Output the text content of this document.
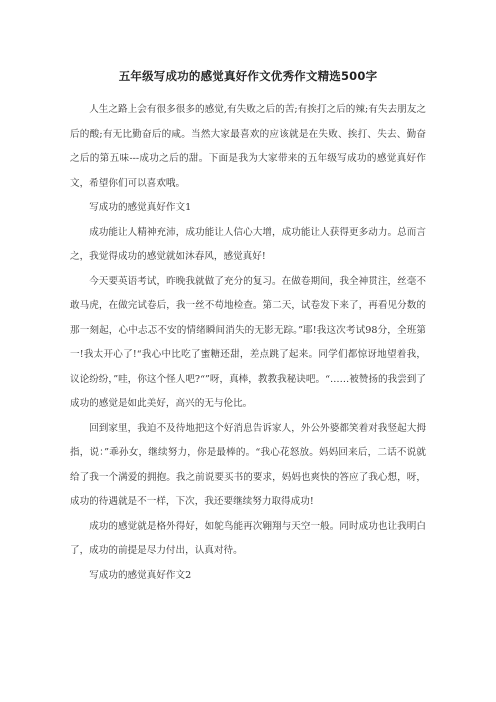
五年级写成功的感觉真好作文优秀作文精选500字

人生之路上会有很多很多的感觉,有失败之后的苦;有挨打之后的辣;有失去朋友之后的酸;有无比勤奋后的咸。当然大家最喜欢的应该就是在失败、挨打、失去、勤奋之后的第五味---成功之后的甜。下面是我为大家带来的五年级写成功的感觉真好作文，希望你们可以喜欢哦。

写成功的感觉真好作文1

成功能让人精神充沛，成功能让人信心大增，成功能让人获得更多动力。总而言之，我觉得成功的感觉就如沐春风，感觉真好!

今天要英语考试，昨晚我就做了充分的复习。在做卷期间，我全神贯注，丝毫不敢马虎，在做完试卷后，我一丝不苟地检查。第二天，试卷发下来了，再看见分数的那一刻起，心中忐忑不安的情绪瞬间消失的无影无踪。”耶!我这次考试98分，全班第一!我太开心了!“我心中比吃了蜜糖还甜，差点跳了起来。同学们都惊讶地望着我，议论纷纷，”哇，你这个怪人吧?“”呀，真棒，教教我秘诀吧。“……被赞扬的我尝到了成功的感觉是如此美好，高兴的无与伦比。

回到家里，我迫不及待地把这个好消息告诉家人，外公外婆都笑着对我竖起大拇指，说：”乖孙女，继续努力，你是最棒的。“我心花怒放。妈妈回来后，二话不说就给了我一个满爱的拥抱。我之前说要买书的要求，妈妈也爽快的答应了我心想，呀，成功的待遇就是不一样，下次，我还要继续努力取得成功!

成功的感觉就是格外得好，如鸵鸟能再次翱翔与天空一般。同时成功也让我明白了，成功的前提是尽力付出，认真对待。

写成功的感觉真好作文2
